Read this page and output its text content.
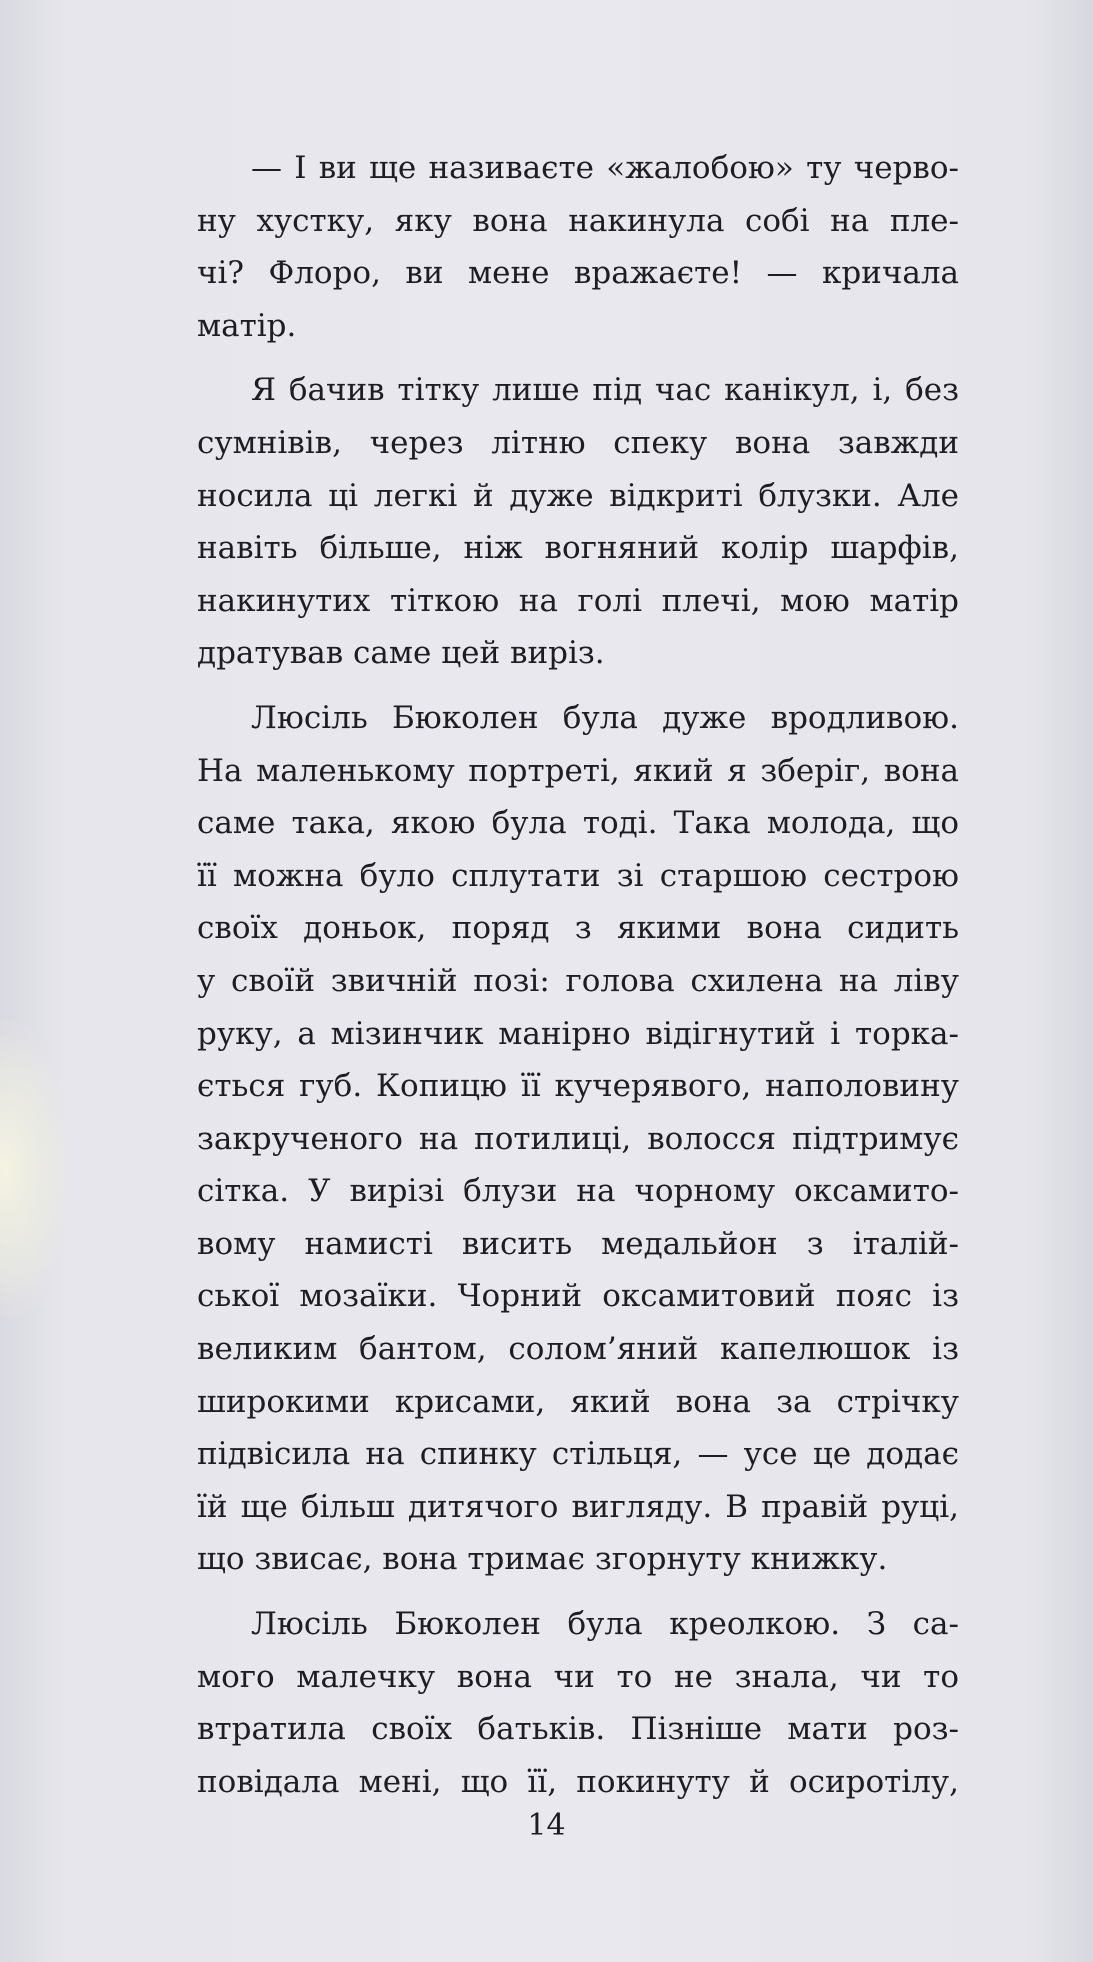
— І ви ще називаєте «жалобою» ту черво-
ну хустку, яку вона накинула собі на пле-
чі? Флоро, ви мене вражаєте! — кричала
матір.
Я бачив тітку лише під час канікул, і, без
сумнівів, через літню спеку вона завжди
носила ці легкі й дуже відкриті блузки. Але
навіть більше, ніж вогняний колір шарфів,
накинутих тіткою на голі плечі, мою матір
дратував саме цей виріз.
Люсіль Бюколен була дуже вродливою.
На маленькому портреті, який я зберіг, вона
саме така, якою була тоді. Така молода, що
її можна було сплутати зі старшою сестрою
своїх доньок, поряд з якими вона сидить
у своїй звичній позі: голова схилена на ліву
руку, а мізинчик манірно відігнутий і торка-
ється губ. Копицю її кучерявого, наполовину
закрученого на потилиці, волосся підтримує
сітка. У вирізі блузи на чорному оксамито-
вому намисті висить медальйон з італій-
ської мозаїки. Чорний оксамитовий пояс із
великим бантом, солом’яний капелюшок із
широкими крисами, який вона за стрічку
підвісила на спинку стільця, — усе це додає
їй ще більш дитячого вигляду. В правій руці,
що звисає, вона тримає згорнуту книжку.
Люсіль Бюколен була креолкою. З са-
мого малечку вона чи то не знала, чи то
втратила своїх батьків. Пізніше мати роз-
повідала мені, що її, покинуту й осиротілу,
14
